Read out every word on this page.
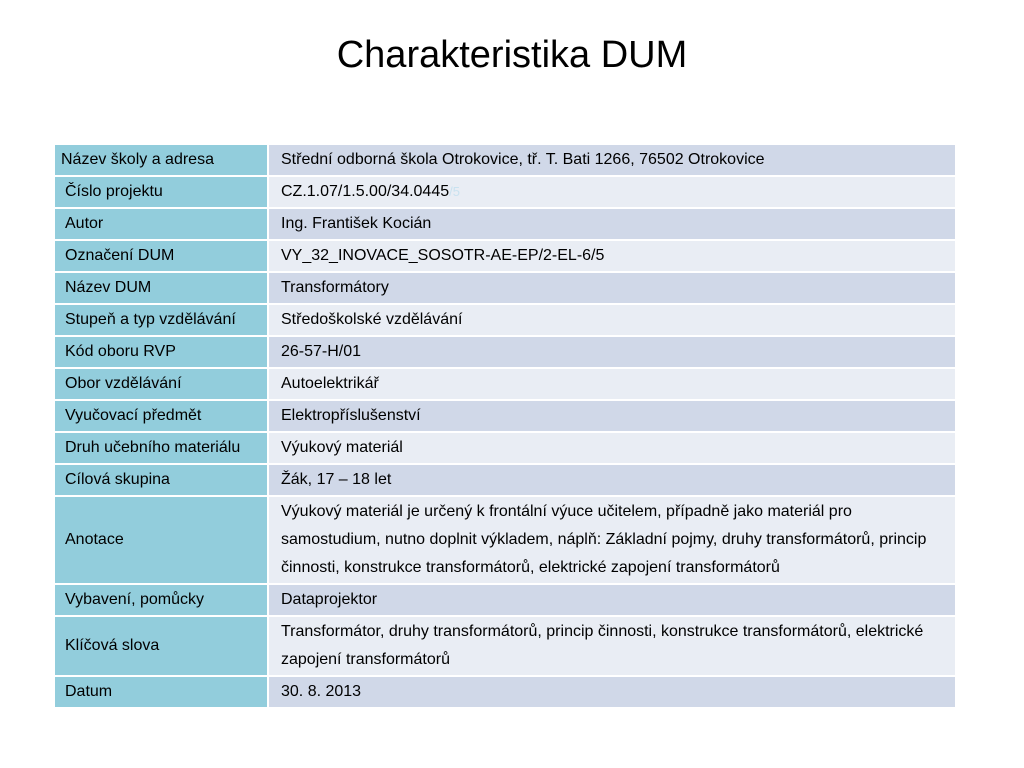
Charakteristika DUM
Název školy a adresa	Střední odborná škola Otrokovice, tř. T. Bati 1266, 76502 Otrokovice
Číslo projektu	CZ.1.07/1.5.00/34.0445/5
Autor	Ing. František Kocián
Označení DUM	VY_32_INOVACE_SOSOTR-AE-EP/2-EL-6/5
Název DUM	Transformátory
Stupeň a typ vzdělávání	Středoškolské vzdělávání
Kód oboru RVP	26-57-H/01
Obor vzdělávání	Autoelektrikář
Vyučovací předmět	Elektropříslušenství
Druh učebního materiálu	Výukový materiál
Cílová skupina	Žák, 17 – 18 let
Anotace	Výukový materiál je určený k frontální výuce učitelem, případně jako materiál pro samostudium, nutno doplnit výkladem, náplň: Základní pojmy, druhy transformátorů, princip činnosti, konstrukce transformátorů, elektrické zapojení transformátorů
Vybavení, pomůcky	Dataprojektor
Klíčová slova	Transformátor, druhy transformátorů, princip činnosti, konstrukce transformátorů, elektrické zapojení transformátorů
Datum	30. 8. 2013
